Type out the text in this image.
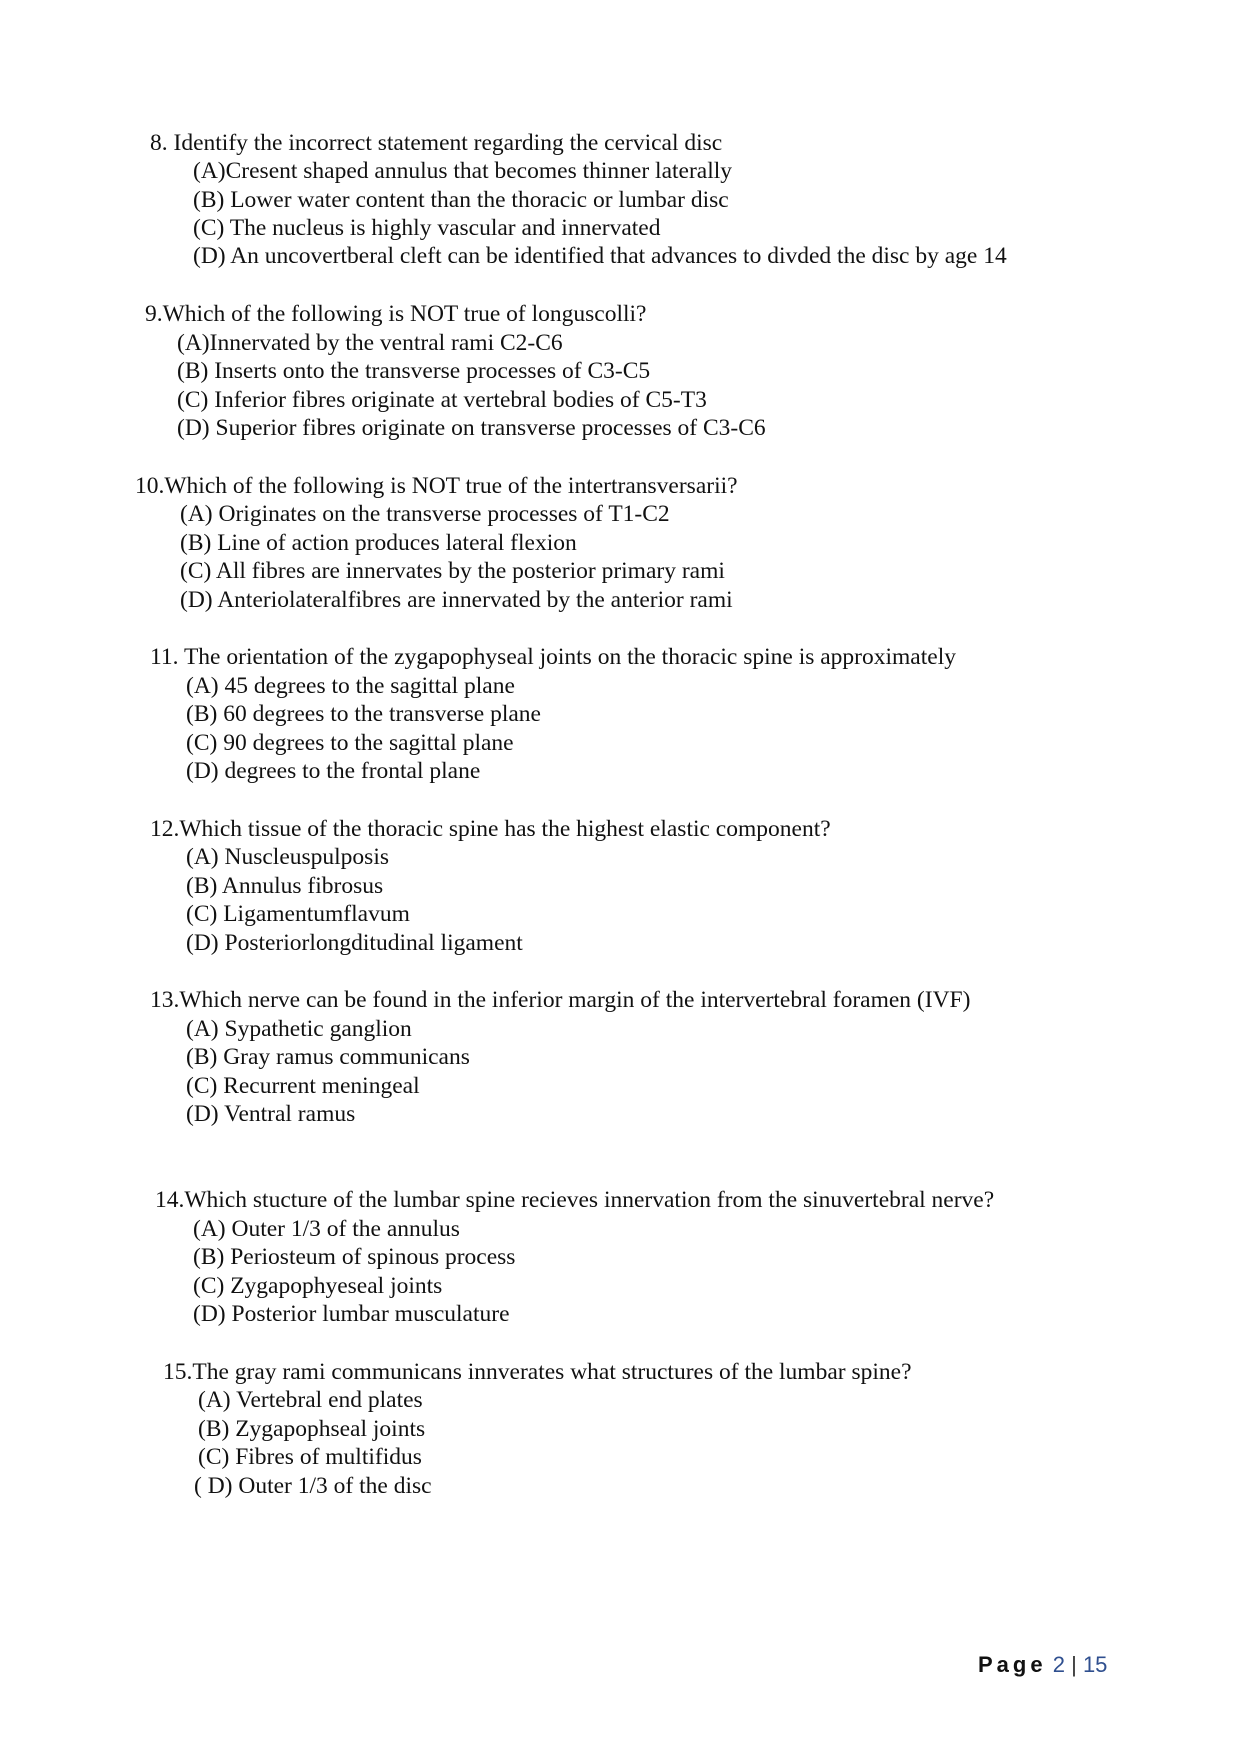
8. Identify the incorrect statement regarding the cervical disc
(A)Cresent shaped annulus that becomes thinner laterally
(B) Lower water content than the thoracic or lumbar disc
(C) The nucleus is highly vascular and innervated
(D) An uncovertberal cleft can be identified that advances to divded the disc by age 14
9.Which of the following is NOT true of longuscolli?
(A)Innervated by the ventral rami C2-C6
(B) Inserts onto the transverse processes of C3-C5
(C) Inferior fibres originate at vertebral bodies of C5-T3
(D) Superior fibres originate on transverse processes of C3-C6
10.Which of the following is NOT true of the intertransversarii?
(A) Originates on the transverse processes of T1-C2
(B) Line of action produces lateral flexion
(C) All fibres are innervates by the posterior primary rami
(D) Anteriolateralfibres are innervated by the anterior rami
11. The orientation of the zygapophyseal joints on the thoracic spine is approximately
(A) 45 degrees to the sagittal plane
(B) 60 degrees to the transverse plane
(C) 90 degrees to the sagittal plane
(D) degrees to the frontal plane
12.Which tissue of the thoracic spine has the highest elastic component?
(A) Nuscleuspulposis
(B) Annulus fibrosus
(C) Ligamentumflavum
(D) Posteriorlongditudinal ligament
13.Which nerve can be found in the inferior margin of the intervertebral foramen (IVF)
(A) Sypathetic ganglion
(B) Gray ramus communicans
(C) Recurrent meningeal
(D) Ventral ramus
14.Which stucture of the lumbar spine recieves innervation from the sinuvertebral nerve?
(A) Outer 1/3 of the annulus
(B) Periosteum of spinous process
(C) Zygapophyeseal joints
(D) Posterior lumbar musculature
15.The gray rami communicans innverates what structures of the lumbar spine?
(A) Vertebral end plates
(B) Zygapophseal joints
(C) Fibres of multifidus
( D) Outer 1/3 of the disc
Page 2 | 15
